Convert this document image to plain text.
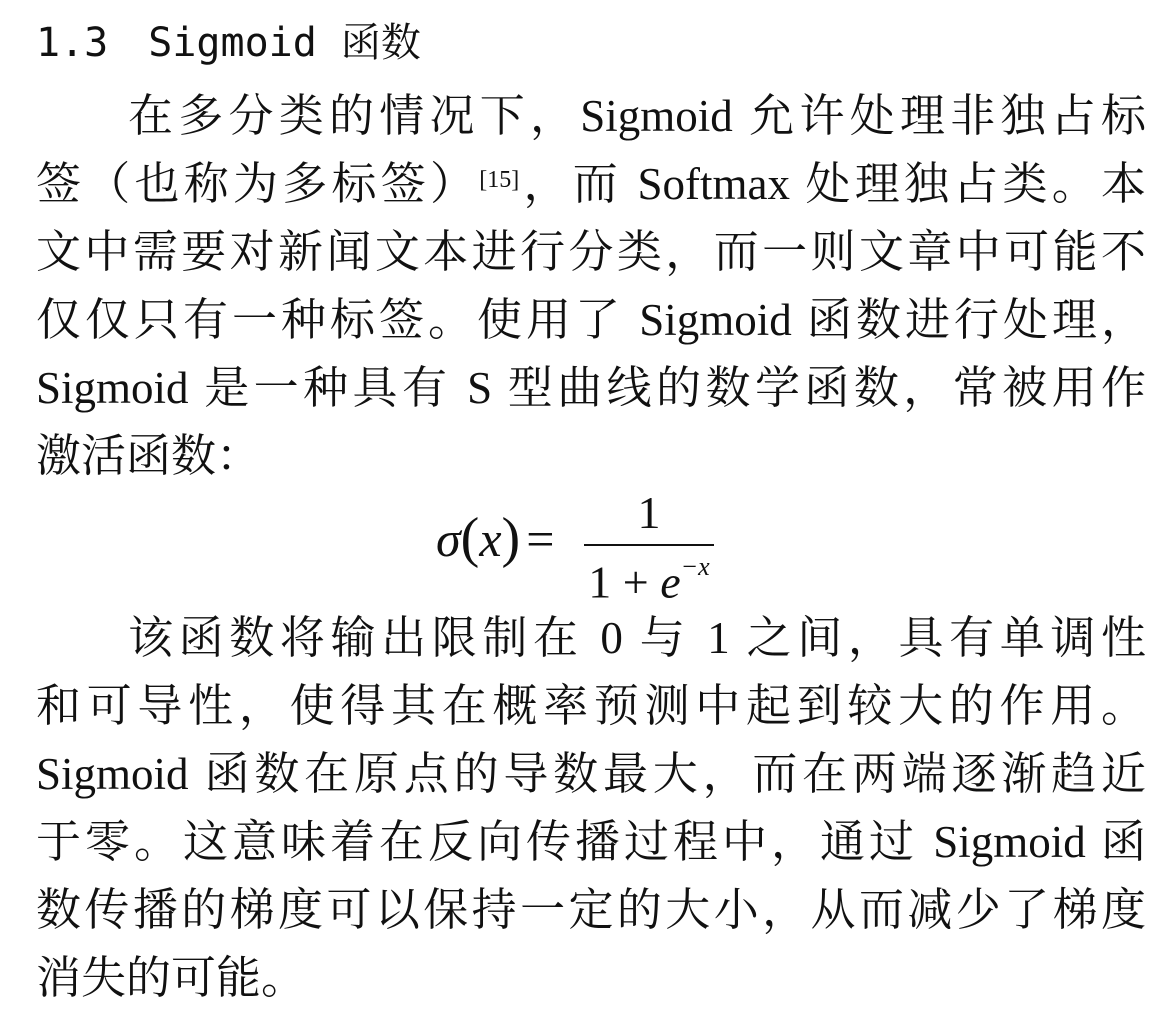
1.3 Sigmoid 函数
在多分类的情况下，Sigmoid 允许处理非独占标
签（也称为多标签）[15]，而 Softmax 处理独占类。本
文中需要对新闻文本进行分类，而一则文章中可能不
仅仅只有一种标签。使用了 Sigmoid 函数进行处理，
Sigmoid 是一种具有 S 型曲线的数学函数，常被用作
激活函数：
σ(x) =	1
$1 + e^{-x}$
该函数将输出限制在 0 与 1 之间，具有单调性
和可导性，使得其在概率预测中起到较大的作用。
Sigmoid 函数在原点的导数最大，而在两端逐渐趋近
于零。这意味着在反向传播过程中，通过 Sigmoid 函
数传播的梯度可以保持一定的大小，从而减少了梯度
消失的可能。
